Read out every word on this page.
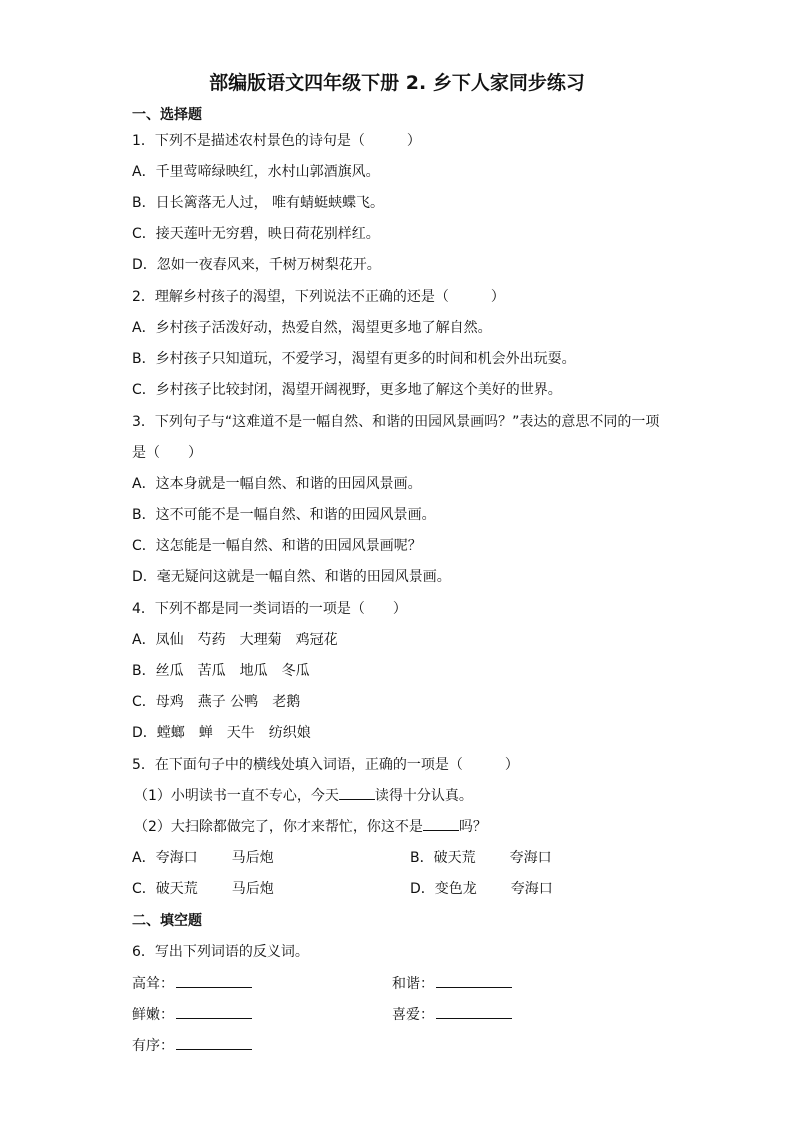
部编版语文四年级下册 2. 乡下人家同步练习
一、选择题
1．下列不是描述农村景色的诗句是（　　　）
A．千里莺啼绿映红，水村山郭酒旗风。
B．日长篱落无人过， 唯有蜻蜓蛱蝶飞。
C．接天莲叶无穷碧，映日荷花别样红。
D．忽如一夜春风来，千树万树梨花开。
2．理解乡村孩子的渴望，下列说法不正确的还是（　　　）
A．乡村孩子活泼好动，热爱自然，渴望更多地了解自然。
B．乡村孩子只知道玩，不爱学习，渴望有更多的时间和机会外出玩耍。
C．乡村孩子比较封闭，渴望开阔视野，更多地了解这个美好的世界。
3．下列句子与“这难道不是一幅自然、和谐的田园风景画吗？”表达的意思不同的一项
是（　　）
A．这本身就是一幅自然、和谐的田园风景画。
B．这不可能不是一幅自然、和谐的田园风景画。
C．这怎能是一幅自然、和谐的田园风景画呢？
D．毫无疑问这就是一幅自然、和谐的田园风景画。
4．下列不都是同一类词语的一项是（　　）
A．凤仙　芍药　大理菊　鸡冠花
B．丝瓜　苦瓜　地瓜　冬瓜
C．母鸡　燕子 公鸭　老鹅
D．螳螂　蝉　天牛　纺织娘
5．在下面句子中的横线处填入词语，正确的一项是（　　　）
（1）小明读书一直不专心，今天	读得十分认真。
（2）大扫除都做完了，你才来帮忙，你这不是	吗？
A．夸海口 马后炮	B．破天荒 夸海口
C．破天荒 马后炮	D．变色龙 夸海口
二、填空题
6．写出下列词语的反义词。
高耸：	和谐：
鲜嫩：	喜爱：
有序：
